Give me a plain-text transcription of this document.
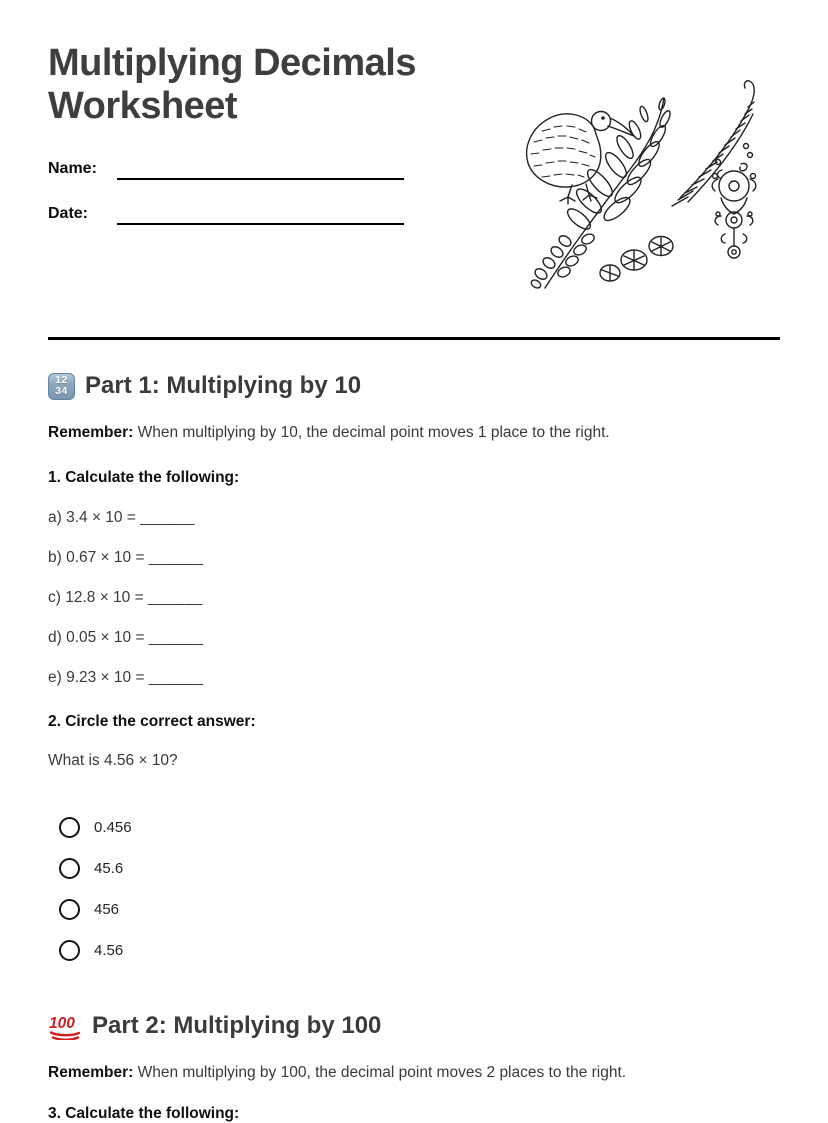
Multiplying Decimals Worksheet
Name:
Date:
12
34 Part 1: Multiplying by 10

Remember: When multiplying by 10, the decimal point moves 1 place to the right.

1. Calculate the following:

a) 3.4 × 10 = ______

b) 0.67 × 10 = ______

c) 12.8 × 10 = ______

d) 0.05 × 10 = ______

e) 9.23 × 10 = ______

2. Circle the correct answer:

What is 4.56 × 10?

0.456
45.6
456
4.56
100 Part 2: Multiplying by 100

Remember: When multiplying by 100, the decimal point moves 2 places to the right.

3. Calculate the following:
